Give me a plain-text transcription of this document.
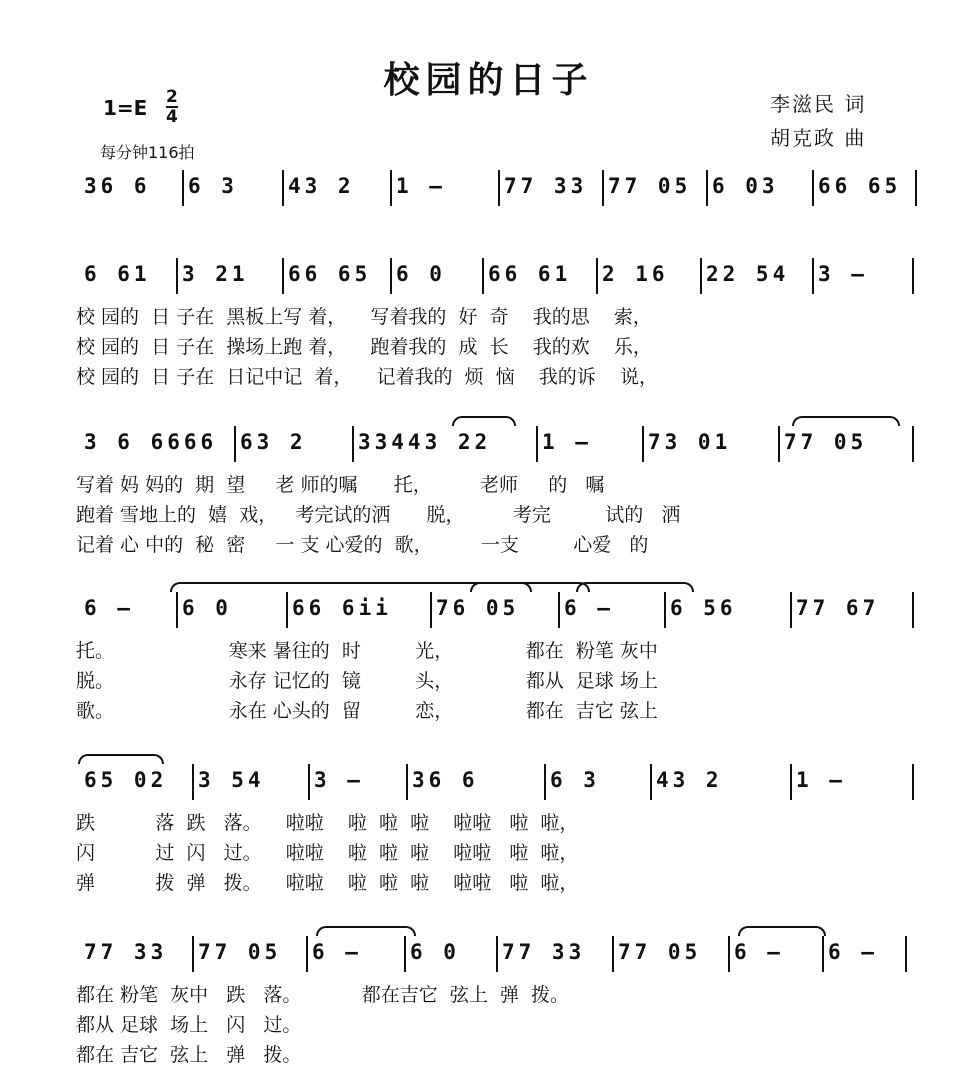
校园的日子
$1=E \frac{2}{4}$
每分钟116拍
李滋民 词
胡克政 曲
36 6 6 3 43 2 1 –	77 33 77 05 6 03 66 65
6 61 3 21 66 65 6 0 66 61 2 16 22 54 3 –
校 园的  日 子在  黑板上写 着，    写着我的  好  奇    我的思    索，
校 园的  日 子在  操场上跑 着，    跑着我的  成  长    我的欢    乐，
校 园的  日 子在  日记中记  着，    记着我的  烦  恼    我的诉    说，
3 6 6666 63 2 33443 22 1 –	73 01	77 05
写着 妈 妈的  期  望     老 师的嘱      托，        老师     的   嘱
跑着 雪地上的  嬉  戏，   考完试的洒      脱，        考完         试的   洒
记着 心 中的  秘  密     一 支 心爱的  歌，        一支         心爱   的
6 – 6 0	66 6ii 76 05 6 –	6 56	77 67
托。                   寒来 暑往的  时         光，            都在  粉笔 灰中
脱。                   永存 记忆的  镜         头，            都从  足球 场上
歌。                   永在 心头的  留         恋，            都在  吉它 弦上
65 02 3 54 3 – 36 6	6 3	43 2	1 –
跌          落  跌   落。    啦啦    啦  啦  啦    啦啦   啦  啦，
闪          过  闪   过。    啦啦    啦  啦  啦    啦啦   啦  啦，
弹          拨  弹   拨。    啦啦    啦  啦  啦    啦啦   啦  啦，
77 33 77 05 6 – 6 0 77 33 77 05 6 – 6 –
都在 粉笔  灰中   跌   落。          都在吉它  弦上  弹  拨。
都从 足球  场上   闪   过。
都在 吉它  弦上   弹   拨。
